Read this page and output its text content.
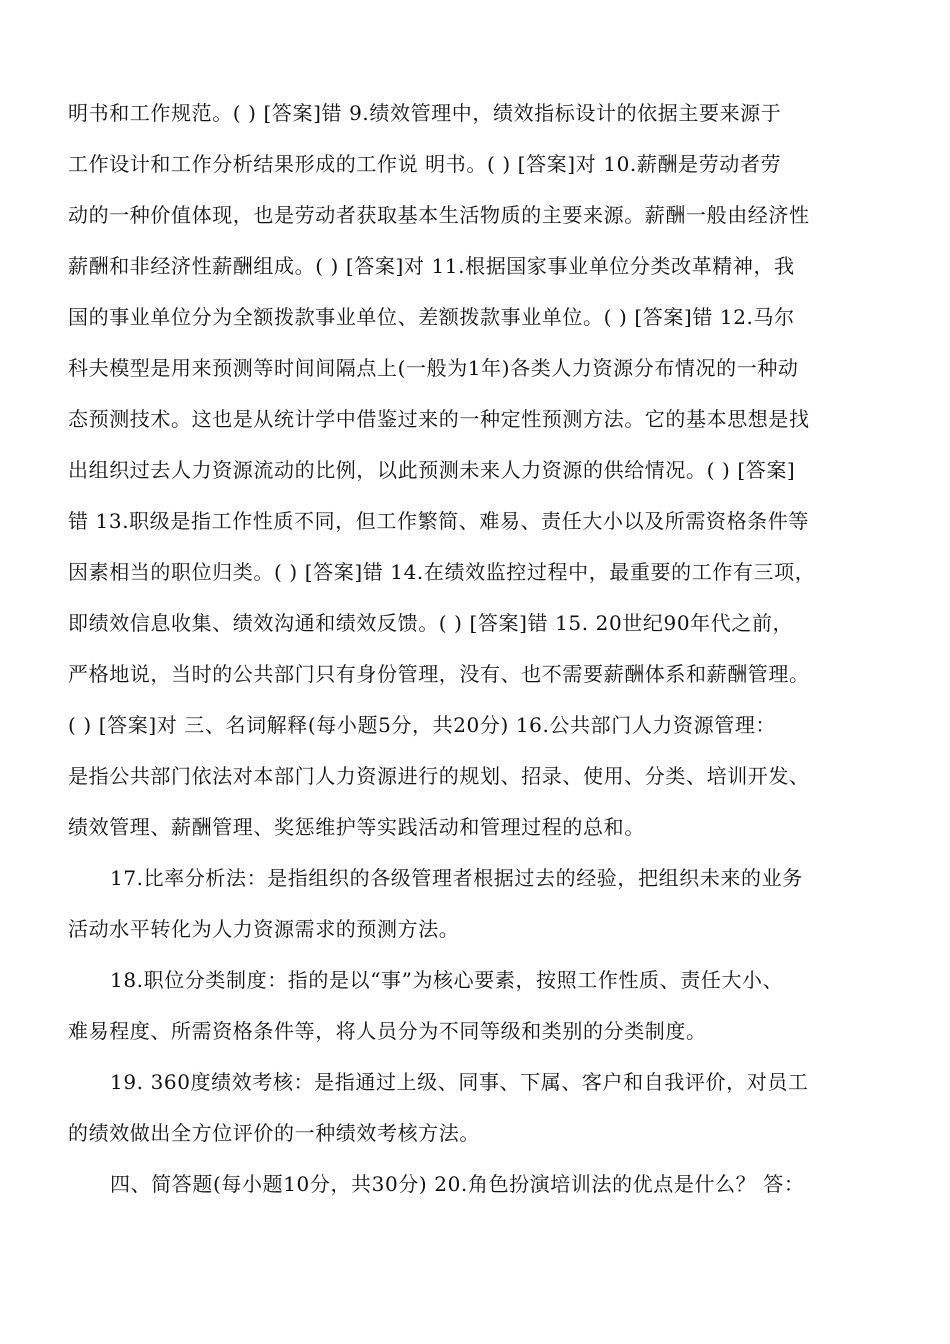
明书和工作规范。( ) [答案]错 9.绩效管理中，绩效指标设计的依据主要来源于
工作设计和工作分析结果形成的工作说 明书。( ) [答案]对 10.薪酬是劳动者劳
动的一种价值体现，也是劳动者获取基本生活物质的主要来源。薪酬一般由经济性
薪酬和非经济性薪酬组成。( ) [答案]对 11.根据国家事业单位分类改革精神，我
国的事业单位分为全额拨款事业单位、差额拨款事业单位。( ) [答案]错 12.马尔
科夫模型是用来预测等时间间隔点上(一般为1年)各类人力资源分布情况的一种动
态预测技术。这也是从统计学中借鉴过来的一种定性预测方法。它的基本思想是找
出组织过去人力资源流动的比例，以此预测未来人力资源的供给情况。( ) [答案]
错 13.职级是指工作性质不同，但工作繁简、难易、责任大小以及所需资格条件等
因素相当的职位归类。( ) [答案]错 14.在绩效监控过程中，最重要的工作有三项，
即绩效信息收集、绩效沟通和绩效反馈。( ) [答案]错 15. 20世纪90年代之前，
严格地说，当时的公共部门只有身份管理，没有、也不需要薪酬体系和薪酬管理。
( ) [答案]对 三、名词解释(每小题5分，共20分) 16.公共部门人力资源管理：
是指公共部门依法对本部门人力资源进行的规划、招录、使用、分类、培训开发、
绩效管理、薪酬管理、奖惩维护等实践活动和管理过程的总和。
17.比率分析法：是指组织的各级管理者根据过去的经验，把组织未来的业务
活动水平转化为人力资源需求的预测方法。
18.职位分类制度：指的是以“事”为核心要素，按照工作性质、责任大小、
难易程度、所需资格条件等，将人员分为不同等级和类别的分类制度。
19. 360度绩效考核：是指通过上级、同事、下属、客户和自我评价，对员工
的绩效做出全方位评价的一种绩效考核方法。
四、简答题(每小题10分，共30分) 20.角色扮演培训法的优点是什么？ 答：
